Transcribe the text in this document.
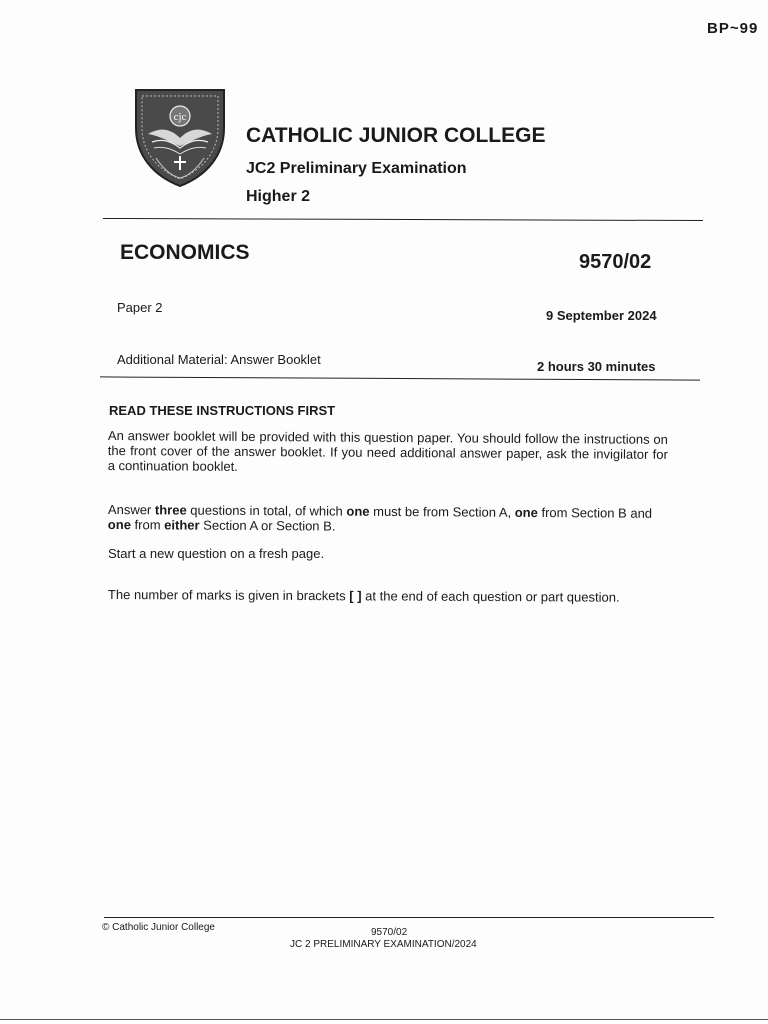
BP~99
cjc
CATHOLIC JUNIOR COLLEGE
JC2 Preliminary Examination
Higher 2
ECONOMICS	9570/02
Paper 2
9 September 2024
Additional Material: Answer Booklet	2 hours 30 minutes
READ THESE INSTRUCTIONS FIRST
An answer booklet will be provided with this question paper. You should follow the instructions on the front cover of the answer booklet. If you need additional answer paper, ask the invigilator for a continuation booklet.
Answer three questions in total, of which one must be from Section A, one from Section B and one from either Section A or Section B.
Start a new question on a fresh page.
The number of marks is given in brackets [ ] at the end of each question or part question.
© Catholic Junior College	9570/02
JC 2 PRELIMINARY EXAMINATION/2024
